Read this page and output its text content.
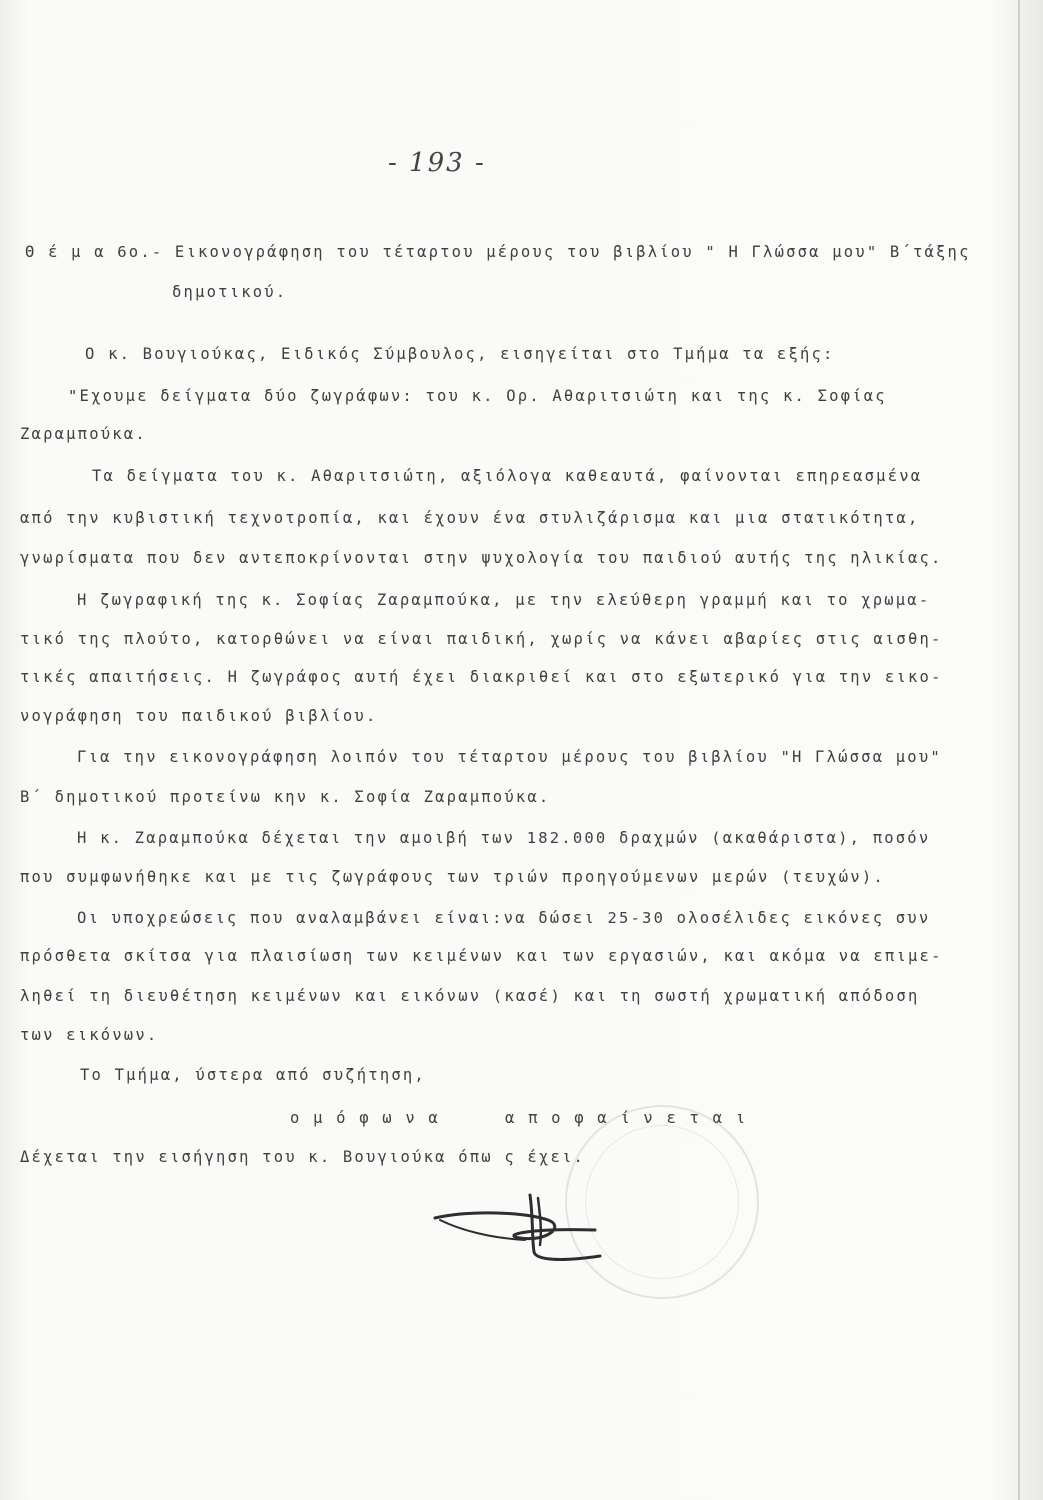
- 193 -
Θ έ μ α 6ο.- Εικονογράφηση του τέταρτου μέρους του βιβλίου " Η Γλώσσα μου" Β΄τάξης
δημοτικού.
Ο κ. Βουγιούκας, Ειδικός Σύμβουλος, εισηγείται στο Τμήμα τα εξής:
"Εχουμε δείγματα δύο ζωγράφων: του κ. Ορ. Αθαριτσιώτη και της κ. Σοφίας
Ζαραμπούκα.
Τα δείγματα του κ. Αθαριτσιώτη, αξιόλογα καθεαυτά, φαίνονται επηρεασμένα
από την κυβιστική τεχνοτροπία, και έχουν ένα στυλιζάρισμα και μια στατικότητα,
γνωρίσματα που δεν αντεποκρίνονται στην ψυχολογία του παιδιού αυτής της ηλικίας.
Η ζωγραφική της κ. Σοφίας Ζαραμπούκα, με την ελεύθερη γραμμή και το χρωμα-
τικό της πλούτο, κατορθώνει να είναι παιδική, χωρίς να κάνει αβαρίες στις αισθη-
τικές απαιτήσεις. Η ζωγράφος αυτή έχει διακριθεί και στο εξωτερικό για την εικο-
νογράφηση του παιδικού βιβλίου.
Για την εικονογράφηση λοιπόν του τέταρτου μέρους του βιβλίου "Η Γλώσσα μου"
Β΄ δημοτικού προτείνω κην κ. Σοφία Ζαραμπούκα.
Η κ. Ζαραμπούκα δέχεται την αμοιβή των 182.000 δραχμών (ακαθάριστα), ποσόν
που συμφωνήθηκε και με τις ζωγράφους των τριών προηγούμενων μερών (τευχών).
Οι υποχρεώσεις που αναλαμβάνει είναι:να δώσει 25-30 ολοσέλιδες εικόνες συν
πρόσθετα σκίτσα για πλαισίωση των κειμένων και των εργασιών, και ακόμα να επιμε-
ληθεί τη διευθέτηση κειμένων και εικόνων (κασέ) και τη σωστή χρωματική απόδοση
των εικόνων.
Το Τμήμα, ύστερα από συζήτηση,
ο μ ό φ ω ν α	α π ο φ α ί ν ε τ α ι
Δέχεται την εισήγηση του κ. Βουγιούκα όπω ς έχει.
